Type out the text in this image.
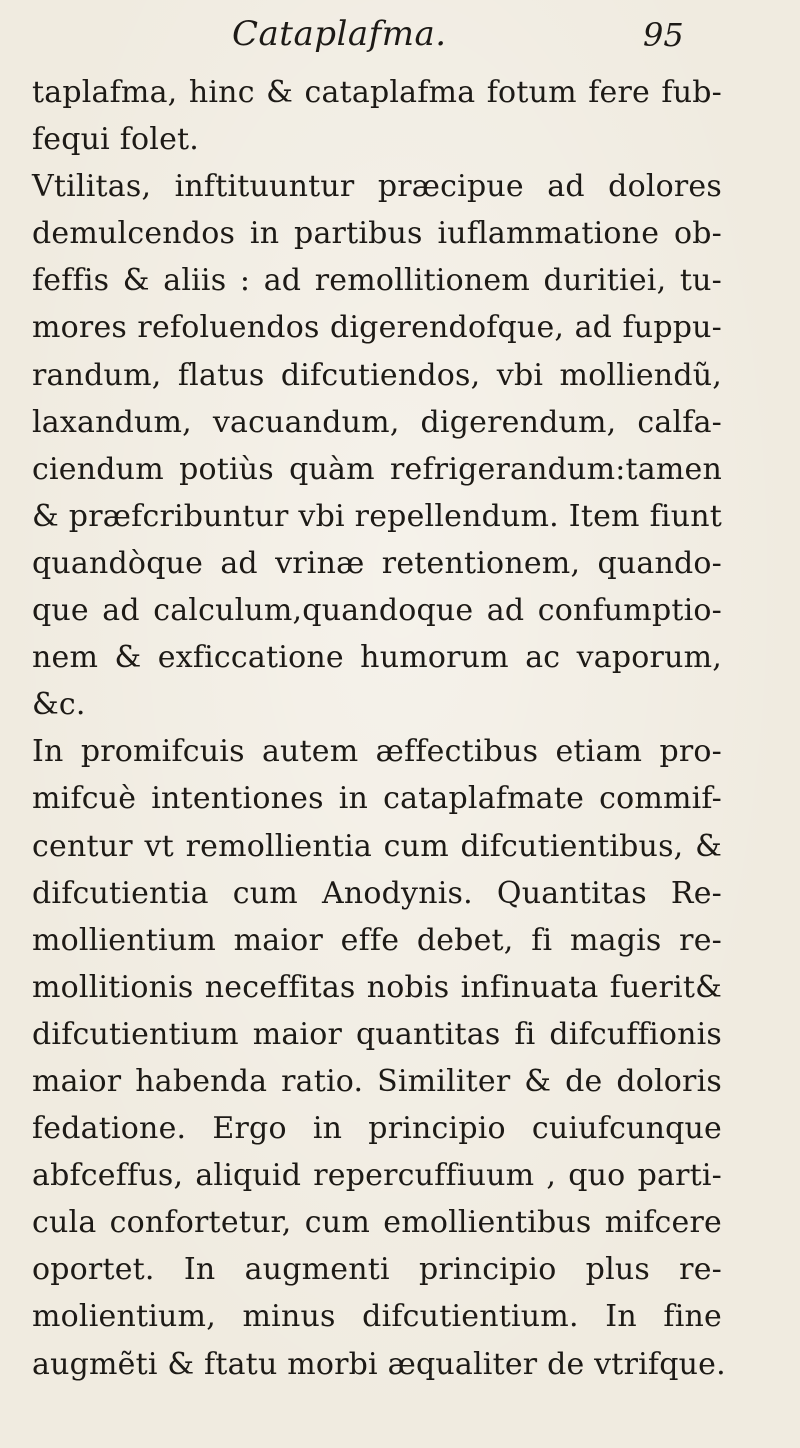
Cataplafma.	95
taplafma, hinc & cataplafma fotum fere fub-
fequi folet.
Vtilitas, inftituuntur præcipue ad dolores
demulcendos in partibus iuflammatione ob-
feffis & aliis : ad remollitionem duritiei, tu-
mores refoluendos digerendofque, ad fuppu-
randum, flatus difcutiendos, vbi molliendũ,
laxandum, vacuandum, digerendum, calfa-
ciendum potiùs quàm refrigerandum:tamen
& præfcribuntur vbi repellendum. Item fiunt
quandòque ad vrinæ retentionem, quando-
que ad calculum,quandoque ad confumptio-
nem & exficcatione humorum ac vaporum,
&c.
In promifcuis autem æffectibus etiam pro-
mifcuè intentiones in cataplafmate commif-
centur vt remollientia cum difcutientibus, &
difcutientia cum Anodynis. Quantitas Re-
mollientium maior effe debet, fi magis re-
mollitionis neceffitas nobis infinuata fuerit&
difcutientium maior quantitas fi difcuffionis
maior habenda ratio. Similiter & de doloris
fedatione. Ergo in principio cuiufcunque
abfceffus, aliquid repercuffiuum , quo parti-
cula confortetur, cum emollientibus mifcere
oportet. In augmenti principio plus re-
molientium, minus difcutientium. In fine
augmẽti & ftatu morbi æqualiter de vtrifque.
